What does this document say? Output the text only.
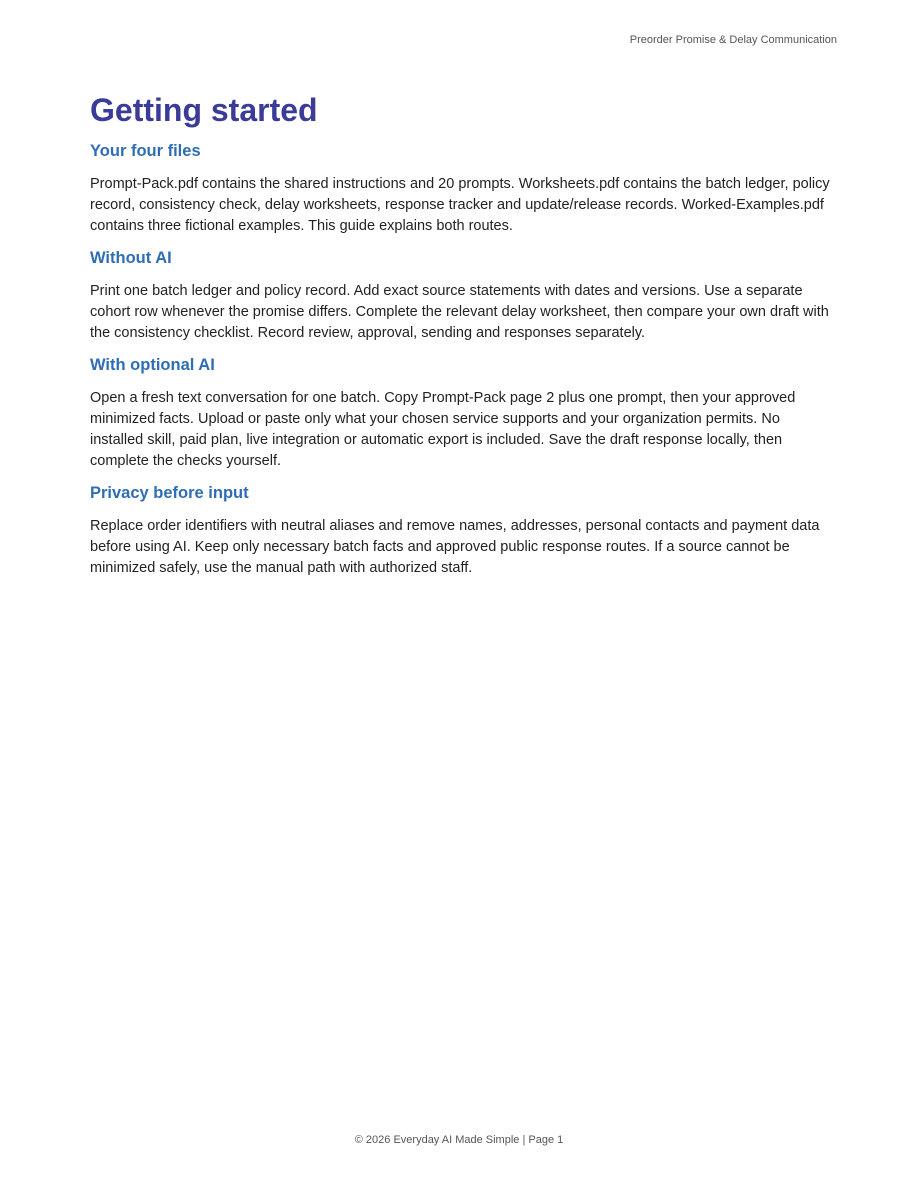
Preorder Promise & Delay Communication
Getting started
Your four files

Prompt-Pack.pdf contains the shared instructions and 20 prompts. Worksheets.pdf contains the batch ledger, policy record, consistency check, delay worksheets, response tracker and update/release records. Worked-Examples.pdf contains three fictional examples. This guide explains both routes.

Without AI

Print one batch ledger and policy record. Add exact source statements with dates and versions. Use a separate cohort row whenever the promise differs. Complete the relevant delay worksheet, then compare your own draft with the consistency checklist. Record review, approval, sending and responses separately.

With optional AI

Open a fresh text conversation for one batch. Copy Prompt-Pack page 2 plus one prompt, then your approved minimized facts. Upload or paste only what your chosen service supports and your organization permits. No installed skill, paid plan, live integration or automatic export is included. Save the draft response locally, then complete the checks yourself.

Privacy before input

Replace order identifiers with neutral aliases and remove names, addresses, personal contacts and payment data before using AI. Keep only necessary batch facts and approved public response routes. If a source cannot be minimized safely, use the manual path with authorized staff.

© 2026 Everyday AI Made Simple | Page 1
